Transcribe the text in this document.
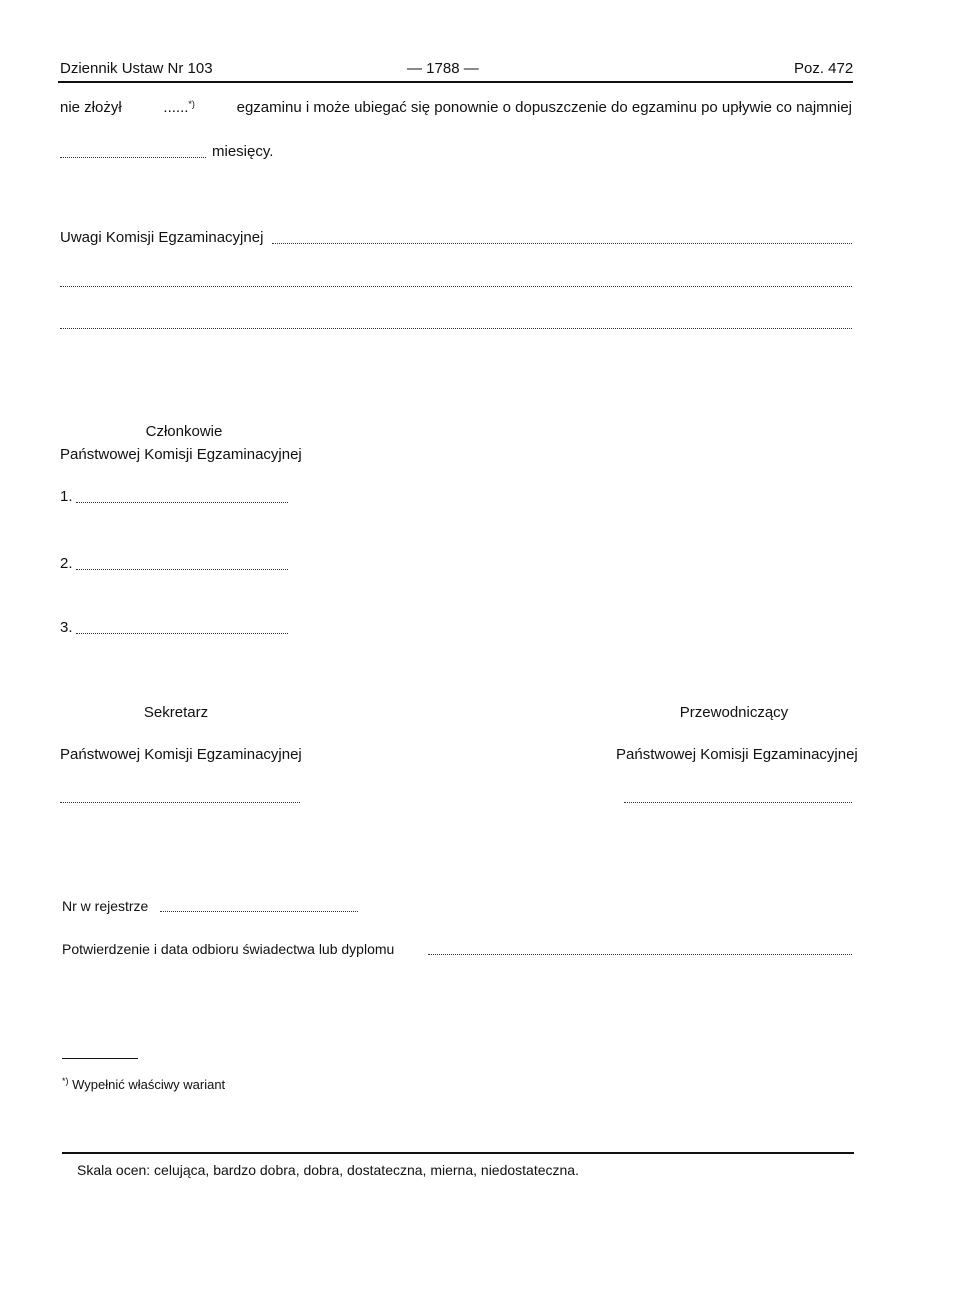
Dziennik Ustaw Nr 103	— 1788 —	Poz. 472
nie złożył	......*)	egzaminu i może ubiegać się ponownie o dopuszczenie do egzaminu po upływie co najmniej
miesięcy.
Uwagi Komisji Egzaminacyjnej
Członkowie
Państwowej Komisji Egzaminacyjnej
1.
2.
3.
Sekretarz
Państwowej Komisji Egzaminacyjnej
Przewodniczący
Państwowej Komisji Egzaminacyjnej
Nr w rejestrze
Potwierdzenie i data odbioru świadectwa lub dyplomu
*) Wypełnić właściwy wariant
Skala ocen: celująca, bardzo dobra, dobra, dostateczna, mierna, niedostateczna.
